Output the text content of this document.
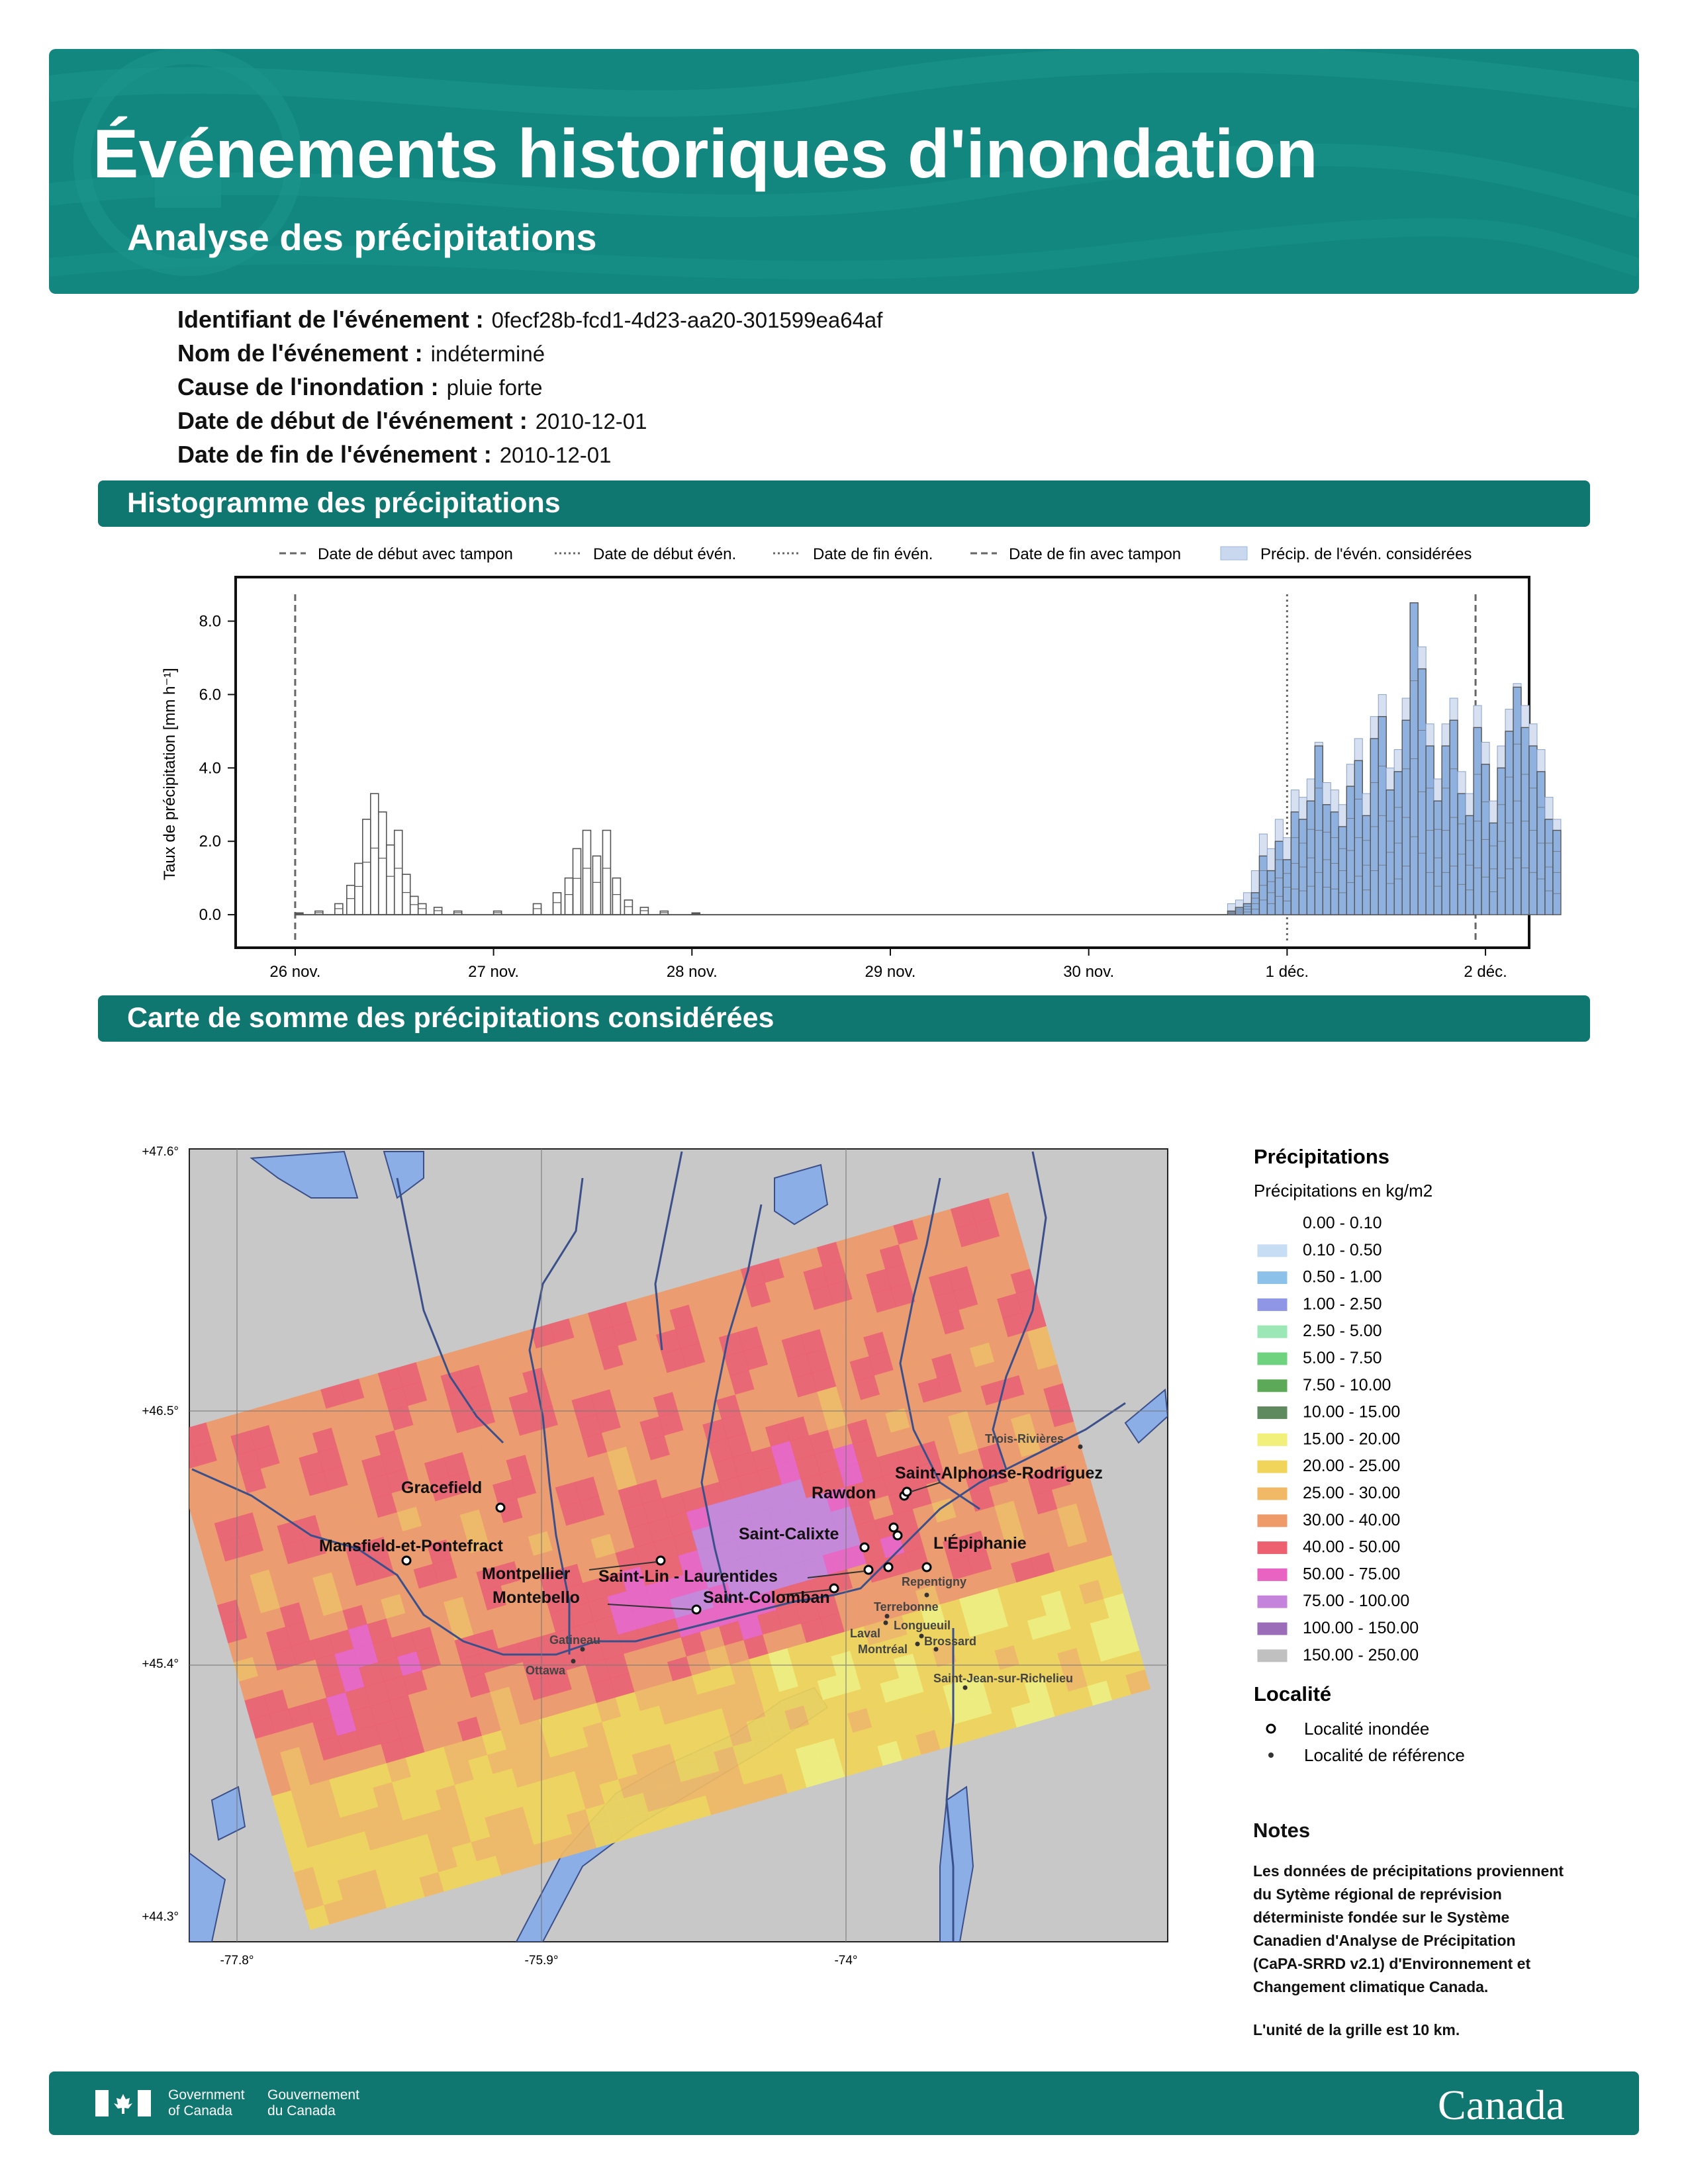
Événements historiques d'inondation
Analyse des précipitations
Identifiant de l'événement : 0fecf28b-fcd1-4d23-aa20-301599ea64af
Nom de l'événement : indéterminé
Cause de l'inondation : pluie forte
Date de début de l'événement : 2010-12-01
Date de fin de l'événement : 2010-12-01
Histogramme des précipitations
Date de début avec tampon	Date de début évén.	Date de fin évén.	Date de fin avec tampon	Précip. de l'évén. considérées
0.0
2.0
4.0
6.0
8.0
26 nov.	27 nov.	28 nov.	29 nov.	30 nov.	1 déc.	2 déc.
Taux de précipitation [mm h⁻¹]
Carte de somme des précipitations considérées
+47.6°
+46.5°
+45.4°
+44.3°
-77.8°	-75.9°	-74°
Trois-Rivières
Repentigny
Terrebonne
Longueuil
Laval
Brossard
Montréal
Gatineau
Ottawa
Saint-Jean-sur-Richelieu
Gracefield
Mansfield-et-Pontefract
Montpellier
Montebello
Saint-Lin - Laurentides
Saint-Colomban
Saint-Calixte
Rawdon
Saint-Alphonse-Rodriguez
L'Épiphanie
Précipitations
Précipitations en kg/m2
0.00 - 0.10
0.10 - 0.50
0.50 - 1.00
1.00 - 2.50
2.50 - 5.00
5.00 - 7.50
7.50 - 10.00
10.00 - 15.00
15.00 - 20.00
20.00 - 25.00
25.00 - 30.00
30.00 - 40.00
40.00 - 50.00
50.00 - 75.00
75.00 - 100.00
100.00 - 150.00
150.00 - 250.00
Localité
Localité inondée
Localité de référence
Notes
Les données de précipitations proviennent
du Sytème régional de reprévision
déterministe fondée sur le Système
Canadien d'Analyse de Précipitation
(CaPA-SRRD v2.1) d'Environnement et
Changement climatique Canada.
L'unité de la grille est 10 km.
Government
of Canada
Gouvernement
du Canada	Canada
